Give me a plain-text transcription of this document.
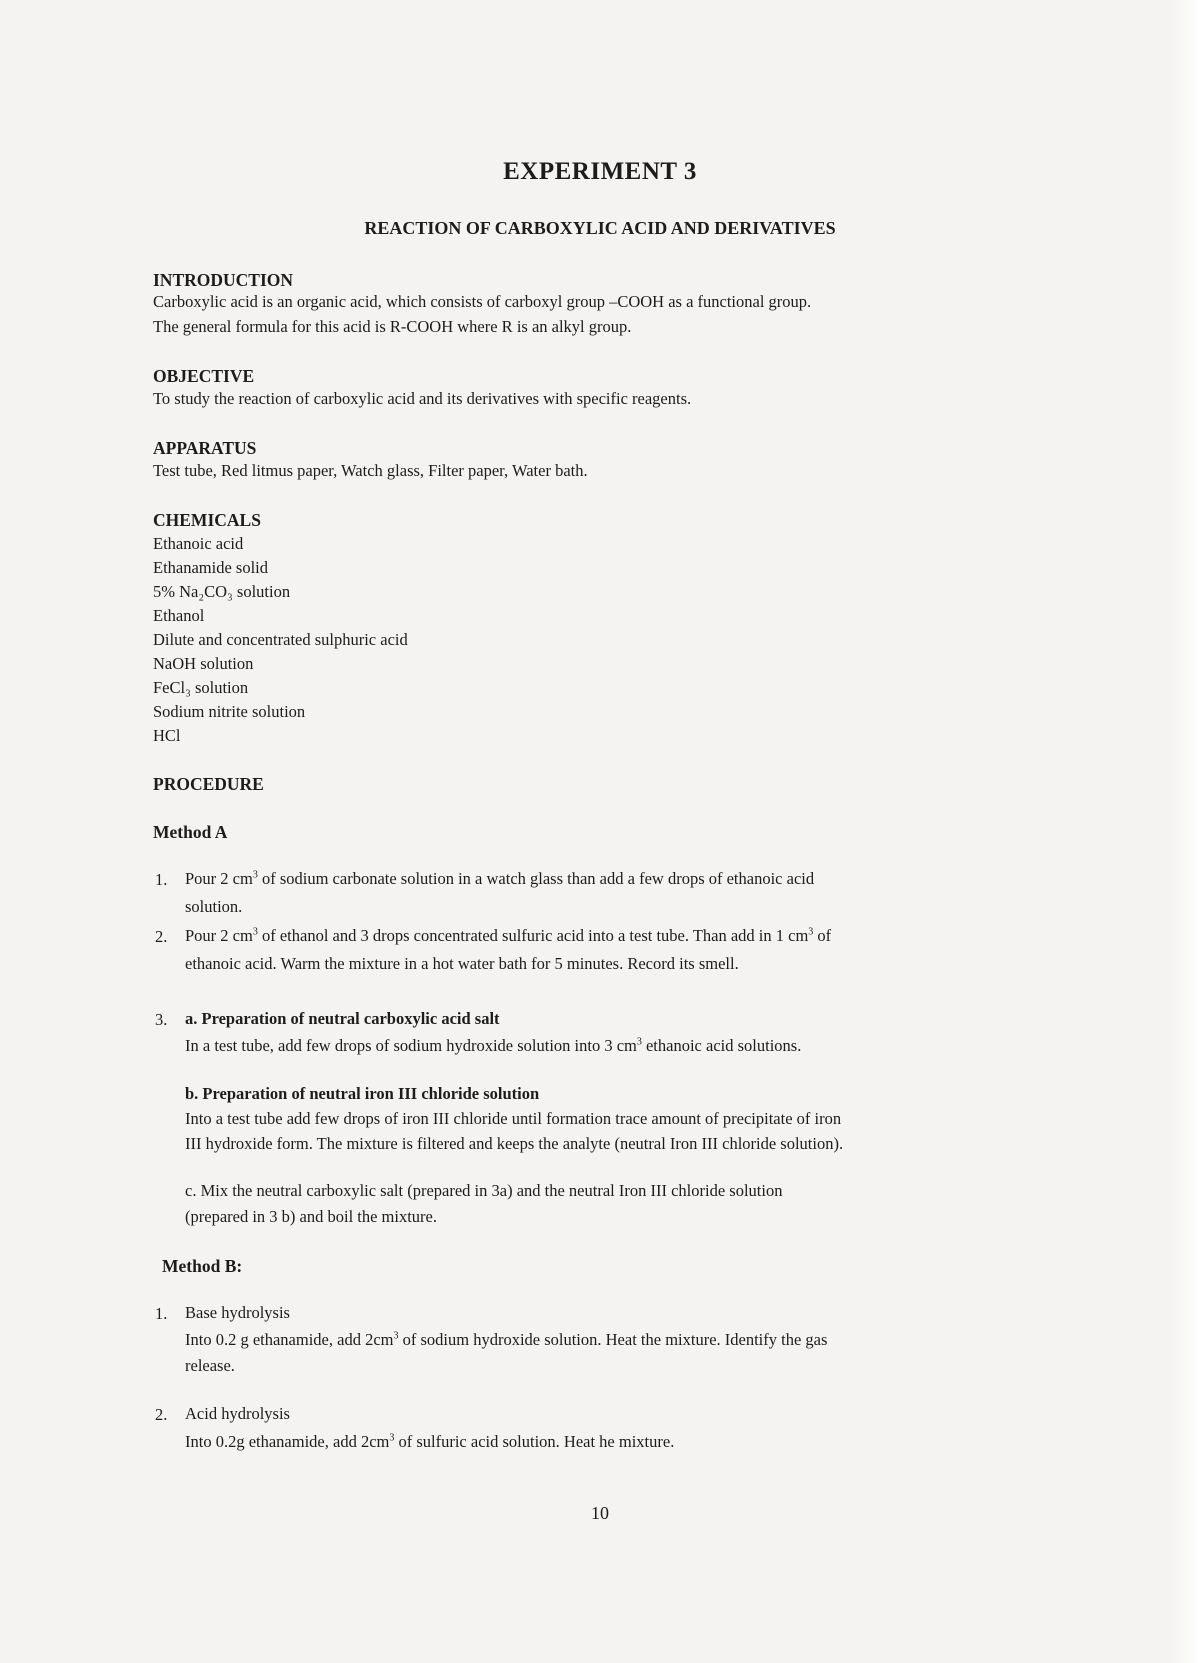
EXPERIMENT 3
REACTION OF CARBOXYLIC ACID AND DERIVATIVES
INTRODUCTION
Carboxylic acid is an organic acid, which consists of carboxyl group –COOH as a functional group.
The general formula for this acid is R-COOH where R is an alkyl group.
OBJECTIVE
To study the reaction of carboxylic acid and its derivatives with specific reagents.
APPARATUS
Test tube, Red litmus paper, Watch glass, Filter paper, Water bath.
CHEMICALS
Ethanoic acid
Ethanamide solid
5% Na₂CO₃ solution
Ethanol
Dilute and concentrated sulphuric acid
NaOH solution
FeCl₃ solution
Sodium nitrite solution
HCl
PROCEDURE
Method A
1. Pour 2 $cm^3$ of sodium carbonate solution in a watch glass than add a few drops of ethanoic acid
solution.
2. Pour 2 $cm^3$ of ethanol and 3 drops concentrated sulfuric acid into a test tube. Than add in 1 $cm^3$ of
ethanoic acid. Warm the mixture in a hot water bath for 5 minutes. Record its smell.
3. a. Preparation of neutral carboxylic acid salt
In a test tube, add few drops of sodium hydroxide solution into 3 $cm^3$ ethanoic acid solutions.
b. Preparation of neutral iron III chloride solution
Into a test tube add few drops of iron III chloride until formation trace amount of precipitate of iron
III hydroxide form. The mixture is filtered and keeps the analyte (neutral Iron III chloride solution).
c. Mix the neutral carboxylic salt (prepared in 3a) and the neutral Iron III chloride solution
(prepared in 3 b) and boil the mixture.
Method B:
1. Base hydrolysis
Into 0.2 g ethanamide, add $2cm^3$ of sodium hydroxide solution. Heat the mixture. Identify the gas
release.
2. Acid hydrolysis
Into 0.2g ethanamide, add $2cm^3$ of sulfuric acid solution. Heat he mixture.
10
